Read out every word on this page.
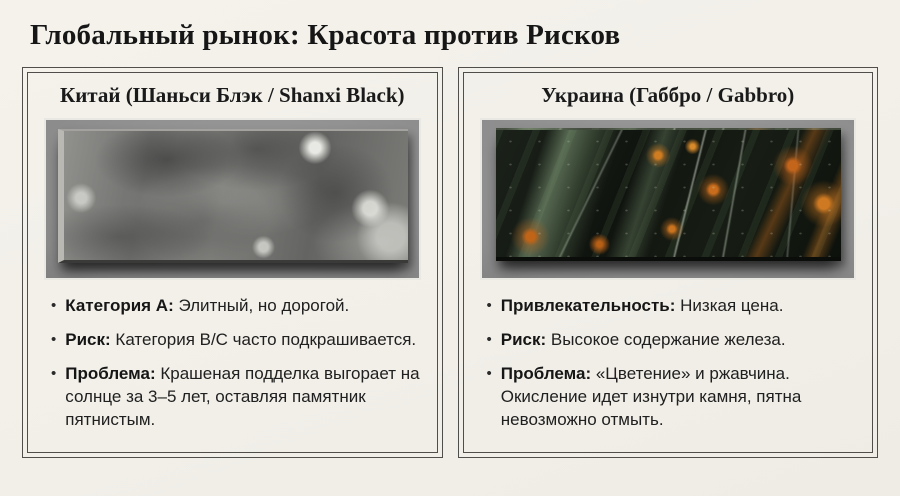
Глобальный рынок: Красота против Рисков
Китай (Шаньси Блэк / Shanxi Black)
• Категория А: Элитный, но дорогой.
• Риск: Категория B/C часто подкрашивается.
• Проблема: Крашеная подделка выгорает на солнце за 3–5 лет, оставляя памятник пятнистым.
Украина (Габбро / Gabbro)
• Привлекательность: Низкая цена.
• Риск: Высокое содержание железа.
• Проблема: «Цветение» и ржавчина. Окисление идет изнутри камня, пятна невозможно отмыть.
